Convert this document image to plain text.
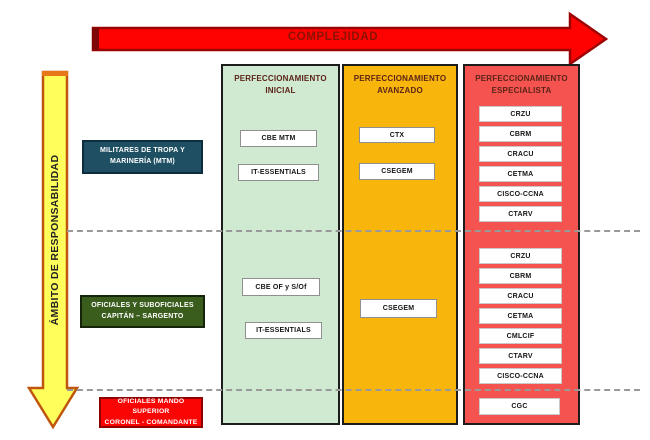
COMPLEJIDAD
ÁMBITO DE RESPONSABILIDAD
PERFECCIONAMIENTO INICIAL
PERFECCIONAMIENTO AVANZADO
PERFECCIONAMIENTO ESPECIALISTA
MILITARES DE TROPA Y
MARINERÍA (MTM)
OFICIALES Y SUBOFICIALES
CAPITÁN – SARGENTO
OFICIALES MANDO SUPERIOR
CORONEL - COMANDANTE
CBE MTM
IT-ESSENTIALS
CBE OF y S/Of
IT-ESSENTIALS
CTX
CSEGEM
CSEGEM
CRZU
CBRM
CRACU
CETMA
CISCO-CCNA
CTARV
CRZU
CBRM
CRACU
CETMA
CMLCIF
CTARV
CISCO-CCNA
CGC
